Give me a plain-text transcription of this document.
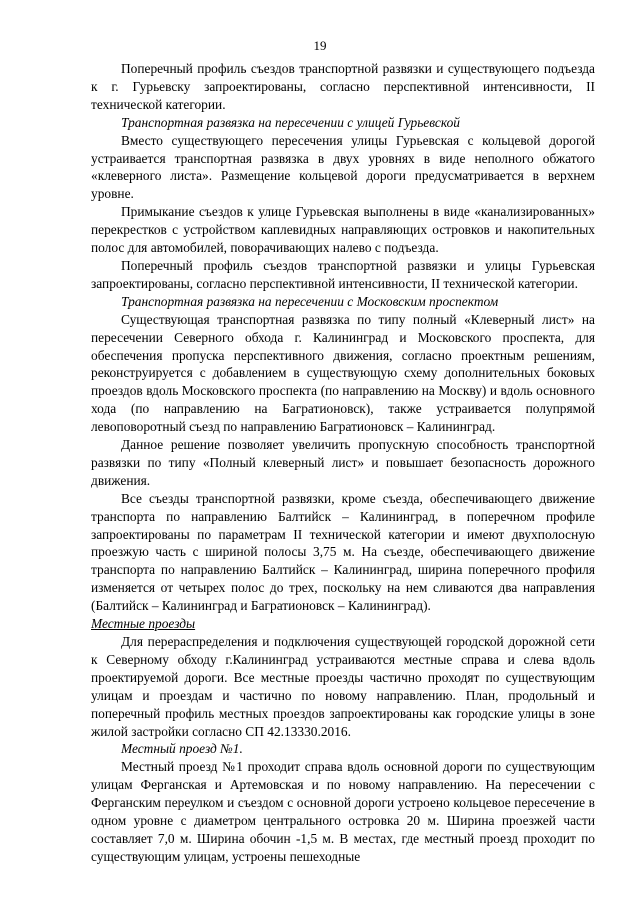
19

Поперечный профиль съездов транспортной развязки и существующего подъезда к г. Гурьевску запроектированы, согласно перспективной интенсивности, II технической категории.

Транспортная развязка на пересечении с улицей Гурьевской

Вместо существующего пересечения улицы Гурьевская с кольцевой дорогой устраивается транспортная развязка в двух уровнях в виде неполного обжатого «клеверного листа». Размещение кольцевой дороги предусматривается в верхнем уровне.

Примыкание съездов к улице Гурьевская выполнены в виде «канализированных» перекрестков с устройством каплевидных направляющих островков и накопительных полос для автомобилей, поворачивающих налево с подъезда.

Поперечный профиль съездов транспортной развязки и улицы Гурьевская запроектированы, согласно перспективной интенсивности, II технической категории.

Транспортная развязка на пересечении с Московским проспектом

Существующая транспортная развязка по типу полный «Клеверный лист» на пересечении Северного обхода г. Калининград и Московского проспекта, для обеспечения пропуска перспективного движения, согласно проектным решениям, реконструируется с добавлением в существующую схему дополнительных боковых проездов вдоль Московского проспекта (по направлению на Москву) и вдоль основного хода (по направлению на Багратионовск), также устраивается полупрямой левоповоротный съезд по направлению Багратионовск – Калининград.

Данное решение позволяет увеличить пропускную способность транспортной развязки по типу «Полный клеверный лист» и повышает безопасность дорожного движения.

Все съезды транспортной развязки, кроме съезда, обеспечивающего движение транспорта по направлению Балтийск – Калининград, в поперечном профиле запроектированы по параметрам II технической категории и имеют двухполосную проезжую часть с шириной полосы 3,75 м. На съезде, обеспечивающего движение транспорта по направлению Балтийск – Калининград, ширина поперечного профиля изменяется от четырех полос до трех, поскольку на нем сливаются два направления (Балтийск – Калининград и Багратионовск – Калининград).

Местные проезды

Для перераспределения и подключения существующей городской дорожной сети к Северному обходу г.Калининград устраиваются местные справа и слева вдоль проектируемой дороги. Все местные проезды частично проходят по существующим улицам и проездам и частично по новому направлению. План, продольный и поперечный профиль местных проездов запроектированы как городские улицы в зоне жилой застройки согласно СП 42.13330.2016.

Местный проезд №1.

Местный проезд №1 проходит справа вдоль основной дороги по существующим улицам Ферганская и Артемовская и по новому направлению. На пересечении с Ферганским переулком и съездом с основной дороги устроено кольцевое пересечение в одном уровне с диаметром центрального островка 20 м. Ширина проезжей части составляет 7,0 м. Ширина обочин -1,5 м. В местах, где местный проезд проходит по существующим улицам, устроены пешеходные
